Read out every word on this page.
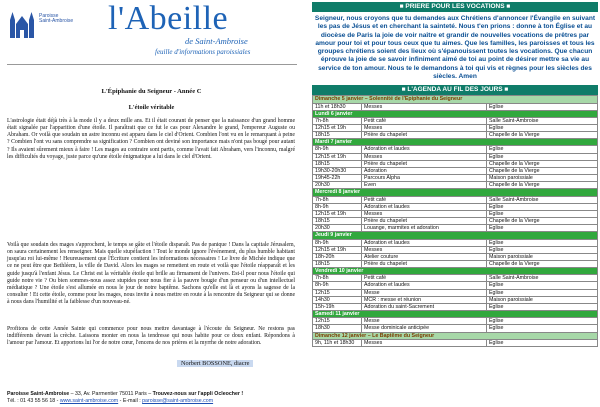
Paroisse
Saint-Ambroise l'Abeille
de Saint-Ambroise
feuille d'informations paroissiales
L'Épiphanie du Seigneur - Année C
L'étoile véritable
L'astrologie était déjà très à la mode il y a deux mille ans. Et il était courant de penser que la naissance d'un grand homme était signalée par l'apparition d'une étoile. Il paraîtrait que ce fut le cas pour Alexandre le grand, l'empereur Auguste ou Abraham. Or voilà que soudain un astre inconnu est apparu dans le ciel d'Orient. Combien l'ont vu en le remarquant à peine ? Combien l'ont vu sans comprendre sa signification ? Combien ont deviné son importance mais n'ont pas bougé pour autant ? Ils avaient sûrement mieux à faire ! Les mages au contraire sont partis, comme l'avait fait Abraham, vers l'inconnu, malgré les difficultés du voyage, juste parce qu'une étoile énigmatique a lui dans le ciel d'Orient.
Voilà que soudain des mages s'approchent, le temps se gâte et l'étoile disparaît. Pas de panique ! Dans la capitale Jérusalem, on saura certainement les renseigner. Mais quelle stupéfaction ! Tout le monde ignore l'événement, du plus humble habitant jusqu'au roi lui-même ! Heureusement que l'Écriture contient les informations nécessaires ! Le livre de Michée indique que ce ne peut être que Bethléem, la ville de David. Alors les mages se remettent en route et voilà que l'étoile réapparaît et les guide jusqu'à l'enfant Jésus. Le Christ est la véritable étoile qui brille au firmament de l'univers. Est-il pour nous l'étoile qui guide notre vie ? Ou bien sommes-nous assez stupides pour nous fier à la pauvre bougie d'un penseur ou d'un intellectuel médiatique ? Une étoile s'est allumée en nous le jour de notre baptême. Sachons qu'elle est là et ayons la sagesse de la consulter ! Et cette étoile, comme pour les mages, nous invite à nous mettre en route à la rencontre du Seigneur qui se donne à nous dans l'humilité et la faiblesse d'un nouveau-né.
Profitons de cette Année Sainte qui commence pour nous mettre davantage à l'écoute du Seigneur. Ne restons pas indifférents devant la crèche. Laissons monter en nous la tendresse qui nous habite pour ce doux enfant. Répondons à l'amour par l'amour. Et apportons lui l'or de notre cœur, l'encens de nos prières et la myrrhe de notre adoration.
Norbert BOSSONE, diacre
Paroisse Saint-Ambroise – 33, Av. Parmentier 75011 Paris – Trouvez-nous sur l'appli Ocleocher !
Tél. : 01 43 55 56 18 - www.saint-ambroise.com - E-mail : paroisse@saint-ambroise.com
■ PRIERE POUR LES VOCATIONS ■
Seigneur, nous croyons que tu demandes aux Chrétiens d'annoncer l'Évangile en suivant les pas de Jésus et en cherchant la sainteté. Nous t'en prions : donne à ton Église et au diocèse de Paris la joie de voir naître et grandir de nouvelles vocations de prêtres par amour pour toi et pour tous ceux que tu aimes. Que les familles, les paroisses et tous les groupes chrétiens soient des lieux où s'épanouissent toutes les vocations. Que chacun éprouve la joie de se savoir infiniment aimé de toi au point de désirer mettre sa vie au service de ton amour. Nous te le demandons à toi qui vis et règnes pour les siècles des siècles. Amen
■ L'AGENDA AU FIL DES JOURS ■
Dimanche 5 janvier – Solennité de l'Épiphanie du Seigneur		
11h et 18h30	Messes	Église
Lundi 6 janvier		
7h-8h	Petit café	Salle Saint-Ambroise
12h15 et 19h	Messes	Église
18h15	Prière du chapelet	Chapelle de la Vierge
Mardi 7 janvier		
8h-9h	Adoration et laudes	Église
12h15 et 19h	Messes	Église
18h15	Prière du chapelet	Chapelle de la Vierge
19h30-20h30	Adoration	Chapelle de la Vierge
19h45-22h	Parcours Alpha	Maison paroissiale
20h30	Even	Chapelle de la Vierge
Mercredi 8 janvier		
7h-8h	Petit café	Salle Saint-Ambroise
8h-9h	Adoration et laudes	Église
12h15 et 19h	Messes	Église
18h15	Prière du chapelet	Chapelle de la Vierge
20h30	Louange, marmites et adoration	Église
Jeudi 9 janvier		
8h-9h	Adoration et laudes	Église
12h15 et 19h	Messes	Église
18h-20h	Atelier couture	Maison paroissiale
18h15	Prière du chapelet	Chapelle de la Vierge
Vendredi 10 janvier		
7h-8h	Petit café	Salle Saint-Ambroise
8h-9h	Adoration et laudes	Église
12h15	Messe	Église
14h30	MCR : messe et réunion	Maison paroissiale
15h-19h	Adoration du saint-Sacrement	Église
Samedi 11 janvier		
12h15	Messe	Église
18h30	Messe dominicale anticipée	Église
Dimanche 12 janvier – Le Baptême du Seigneur		
9h, 11h et 18h30	Messes	Église
